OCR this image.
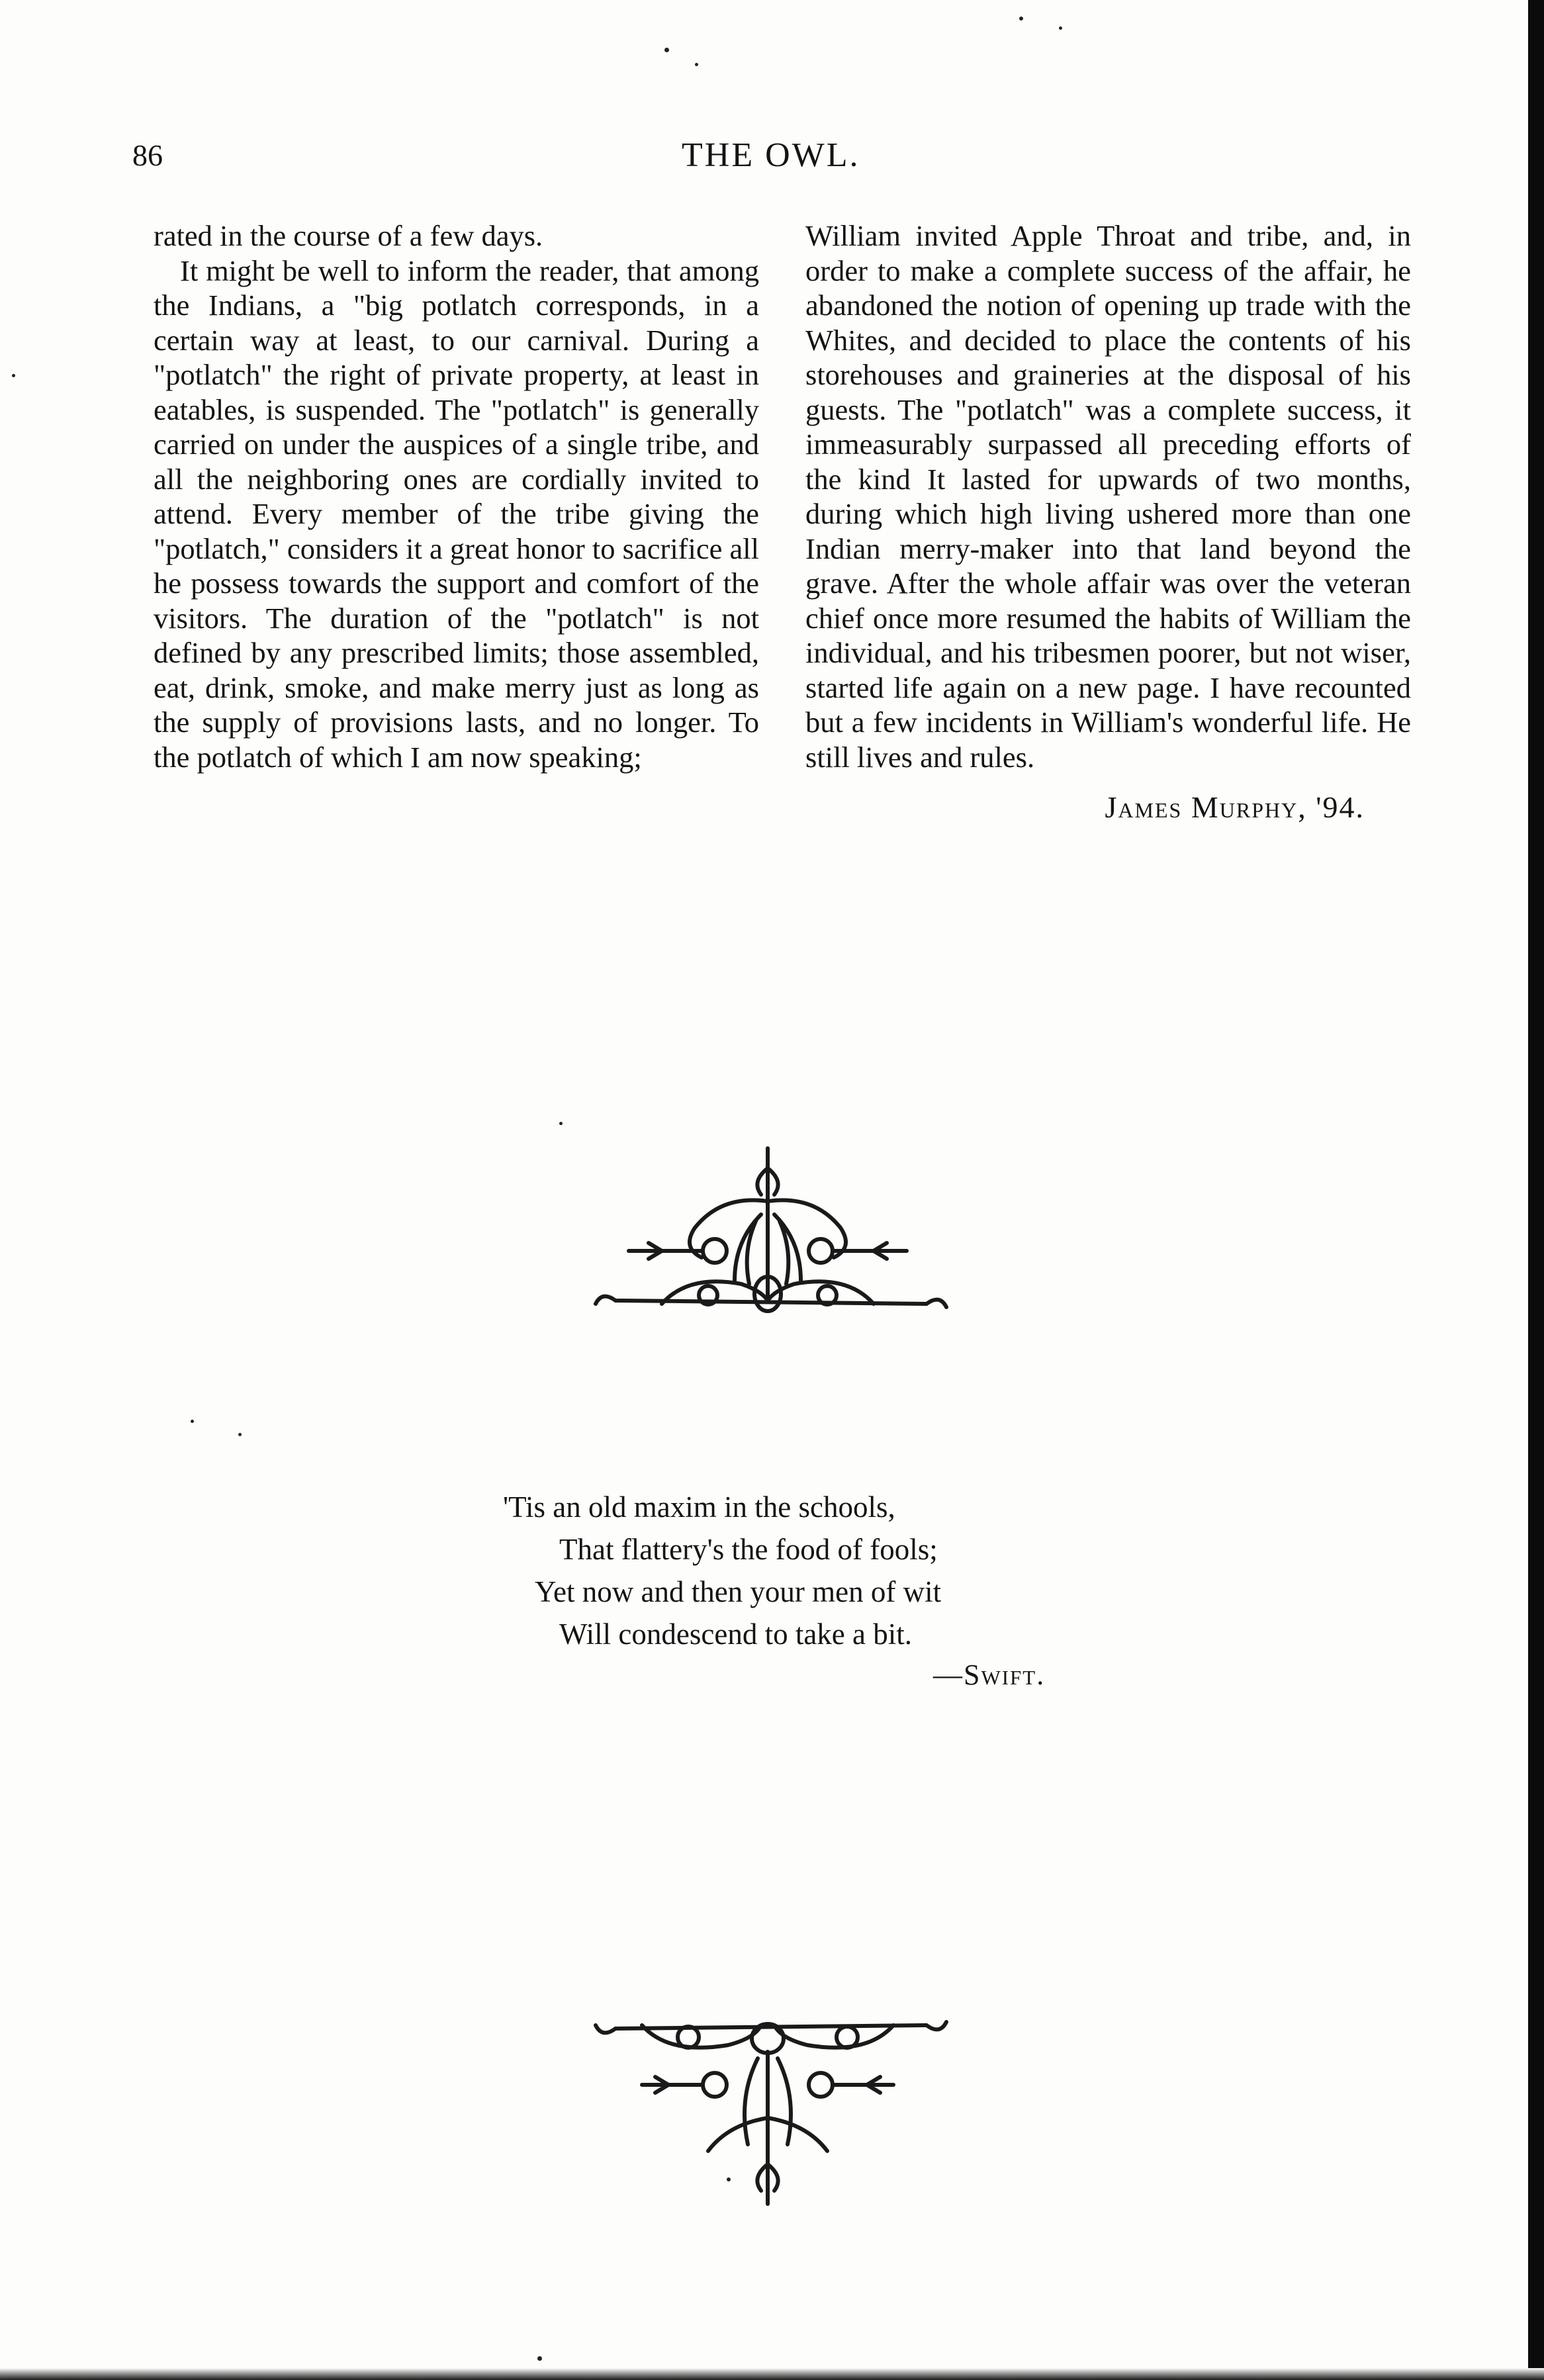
86	THE OWL.

rated in the course of a few days.

It might be well to inform the reader, that among the Indians, a "big potlatch corresponds, in a certain way at least, to our carnival. During a "potlatch" the right of private property, at least in eatables, is suspended. The "potlatch" is generally carried on under the auspices of a single tribe, and all the neighboring ones are cordially invited to attend. Every member of the tribe giving the "potlatch," considers it a great honor to sacrifice all he possess towards the support and comfort of the visitors. The duration of the "potlatch" is not defined by any prescribed limits; those assembled, eat, drink, smoke, and make merry just as long as the supply of provisions lasts, and no longer. To the potlatch of which I am now speaking;

William invited Apple Throat and tribe, and, in order to make a complete success of the affair, he abandoned the notion of opening up trade with the Whites, and decided to place the contents of his storehouses and graineries at the disposal of his guests. The "potlatch" was a complete success, it immeasurably surpassed all preceding efforts of the kind It lasted for upwards of two months, during which high living ushered more than one Indian merry-maker into that land beyond the grave. After the whole affair was over the veteran chief once more resumed the habits of William the individual, and his tribesmen poorer, but not wiser, started life again on a new page. I have recounted but a few incidents in William's wonderful life. He still lives and rules.

James Murphy, '94.
'Tis an old maxim in the schools,
That flattery's the food of fools;
Yet now and then your men of wit
Will condescend to take a bit.
—Swift.
